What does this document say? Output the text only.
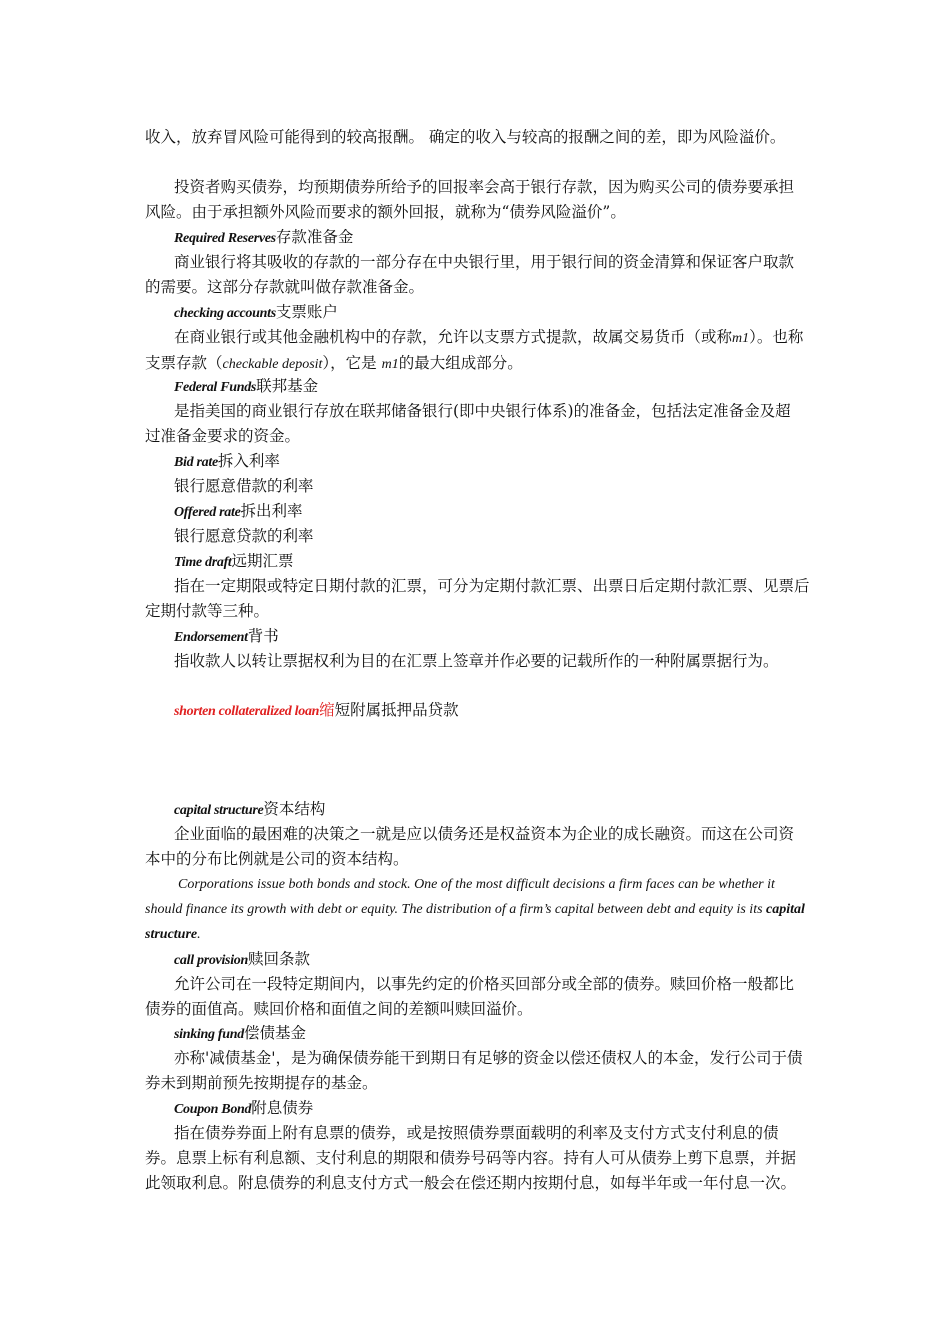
收入，放弃冒风险可能得到的较高报酬。 确定的收入与较高的报酬之间的差，即为风险溢价。

投资者购买债券，均预期债券所给予的回报率会高于银行存款，因为购买公司的债券要承担风险。由于承担额外风险而要求的额外回报，就称为“债券风险溢价”。

Required Reserves存款准备金

商业银行将其吸收的存款的一部分存在中央银行里，用于银行间的资金清算和保证客户取款的需要。这部分存款就叫做存款准备金。

checking accounts支票账户

在商业银行或其他金融机构中的存款，允许以支票方式提款，故属交易货币（或称m1）。也称支票存款（checkable deposit），它是 m1的最大组成部分。

Federal Funds联邦基金

是指美国的商业银行存放在联邦储备银行(即中央银行体系)的准备金，包括法定准备金及超过准备金要求的资金。

Bid rate拆入利率

银行愿意借款的利率

Offered rate拆出利率

银行愿意贷款的利率

Time draft远期汇票

指在一定期限或特定日期付款的汇票，可分为定期付款汇票、出票日后定期付款汇票、见票后定期付款等三种。

Endorsement背书

指收款人以转让票据权利为目的在汇票上签章并作必要的记载所作的一种附属票据行为。

shorten collateralized loan缩短附属抵押品贷款

capital structure资本结构

企业面临的最困难的决策之一就是应以债务还是权益资本为企业的成长融资。而这在公司资本中的分布比例就是公司的资本结构。

Corporations issue both bonds and stock. One of the most difficult decisions a firm faces can be whether it should finance its growth with debt or equity. The distribution of a firm’s capital between debt and equity is its capital structure.

call provision赎回条款

允许公司在一段特定期间内，以事先约定的价格买回部分或全部的债券。赎回价格一般都比债券的面值高。赎回价格和面值之间的差额叫赎回溢价。

sinking fund偿债基金

亦称'减债基金'，是为确保债券能干到期日有足够的资金以偿还债权人的本金，发行公司于债券未到期前预先按期提存的基金。

Coupon Bond附息债券

指在债券券面上附有息票的债券，或是按照债券票面载明的利率及支付方式支付利息的债券。息票上标有利息额、支付利息的期限和债券号码等内容。持有人可从债券上剪下息票，并据此领取利息。附息债券的利息支付方式一般会在偿还期内按期付息，如每半年或一年付息一次。
